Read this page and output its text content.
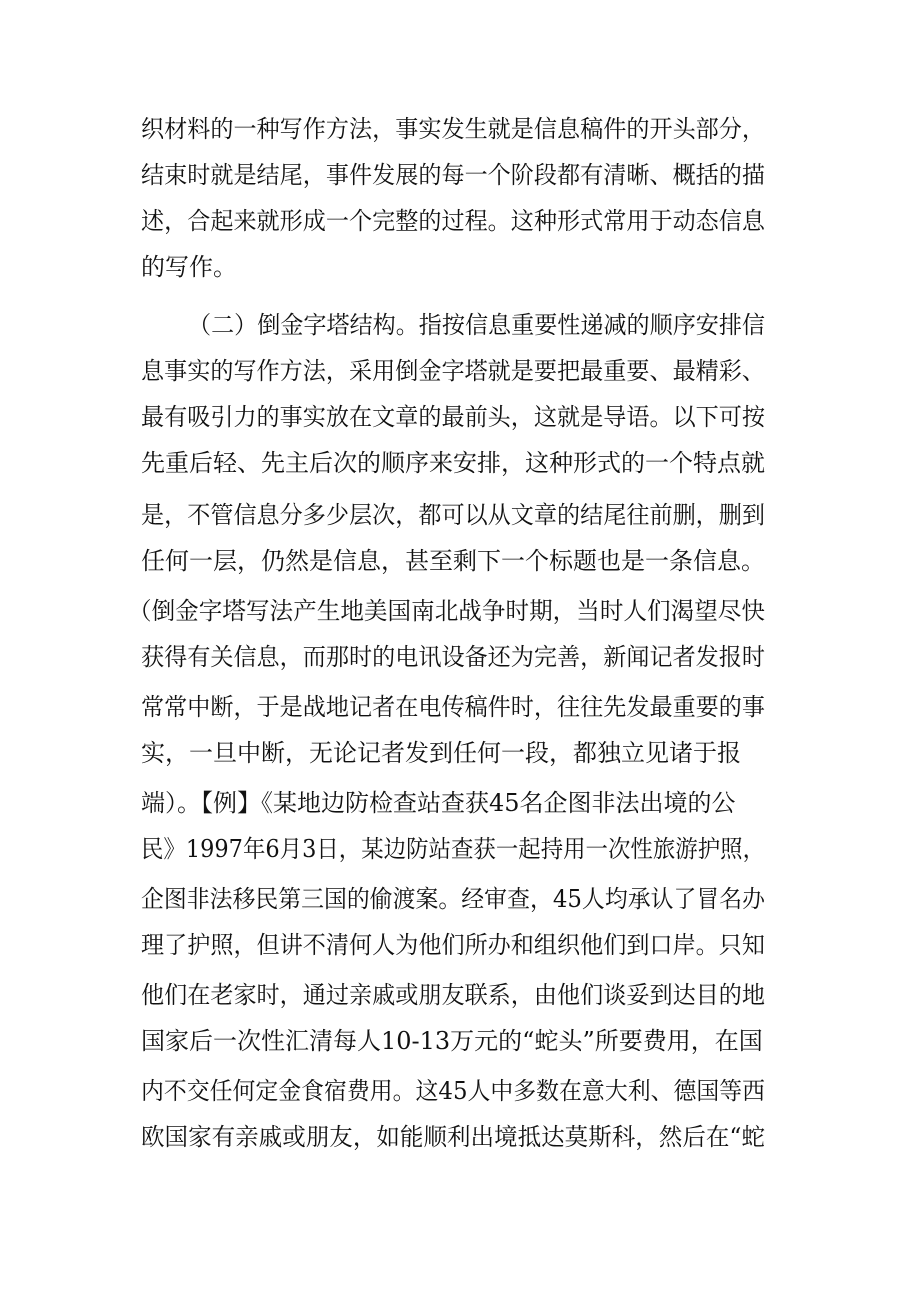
织材料的一种写作方法，事实发生就是信息稿件的开头部分，
结束时就是结尾，事件发展的每一个阶段都有清晰、概括的描
述，合起来就形成一个完整的过程。这种形式常用于动态信息
的写作。
（二）倒金字塔结构。指按信息重要性递减的顺序安排信
息事实的写作方法，采用倒金字塔就是要把最重要、最精彩、
最有吸引力的事实放在文章的最前头，这就是导语。以下可按
先重后轻、先主后次的顺序来安排，这种形式的一个特点就
是，不管信息分多少层次，都可以从文章的结尾往前删，删到
任何一层，仍然是信息，甚至剩下一个标题也是一条信息。
（倒金字塔写法产生地美国南北战争时期，当时人们渴望尽快
获得有关信息，而那时的电讯设备还为完善，新闻记者发报时
常常中断，于是战地记者在电传稿件时，往往先发最重要的事
实，一旦中断，无论记者发到任何一段，都独立见诸于报
端）。【例】《某地边防检查站查获45名企图非法出境的公
民》1997年6月3日，某边防站查获一起持用一次性旅游护照，
企图非法移民第三国的偷渡案。经审查，45人均承认了冒名办
理了护照，但讲不清何人为他们所办和组织他们到口岸。只知
他们在老家时，通过亲戚或朋友联系，由他们谈妥到达目的地
国家后一次性汇清每人10-13万元的“蛇头”所要费用，在国
内不交任何定金食宿费用。这45人中多数在意大利、德国等西
欧国家有亲戚或朋友，如能顺利出境抵达莫斯科，然后在“蛇
